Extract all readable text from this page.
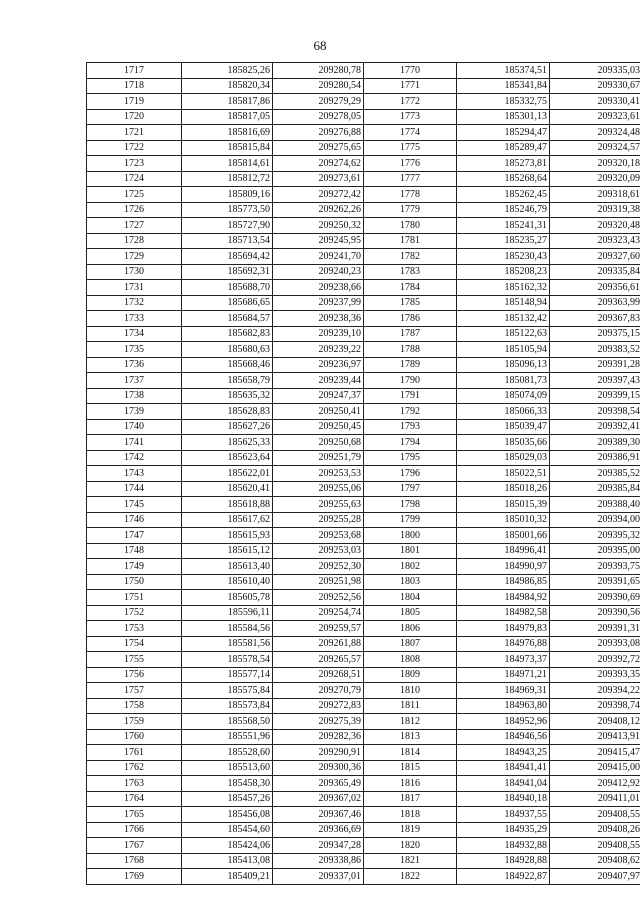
68
1717	185825,26	209280,78	1770	185374,51	209335,03
1718	185820,34	209280,54	1771	185341,84	209330,67
1719	185817,86	209279,29	1772	185332,75	209330,41
1720	185817,05	209278,05	1773	185301,13	209323,61
1721	185816,69	209276,88	1774	185294,47	209324,48
1722	185815,84	209275,65	1775	185289,47	209324,57
1723	185814,61	209274,62	1776	185273,81	209320,18
1724	185812,72	209273,61	1777	185268,64	209320,09
1725	185809,16	209272,42	1778	185262,45	209318,61
1726	185773,50	209262,26	1779	185246,79	209319,38
1727	185727,90	209250,32	1780	185241,31	209320,48
1728	185713,54	209245,95	1781	185235,27	209323,43
1729	185694,42	209241,70	1782	185230,43	209327,60
1730	185692,31	209240,23	1783	185208,23	209335,84
1731	185688,70	209238,66	1784	185162,32	209356,61
1732	185686,65	209237,99	1785	185148,94	209363,99
1733	185684,57	209238,36	1786	185132,42	209367,83
1734	185682,83	209239,10	1787	185122,63	209375,15
1735	185680,63	209239,22	1788	185105,94	209383,52
1736	185668,46	209236,97	1789	185096,13	209391,28
1737	185658,79	209239,44	1790	185081,73	209397,43
1738	185635,32	209247,37	1791	185074,09	209399,15
1739	185628,83	209250,41	1792	185066,33	209398,54
1740	185627,26	209250,45	1793	185039,47	209392,41
1741	185625,33	209250,68	1794	185035,66	209389,30
1742	185623,64	209251,79	1795	185029,03	209386,91
1743	185622,01	209253,53	1796	185022,51	209385,52
1744	185620,41	209255,06	1797	185018,26	209385,84
1745	185618,88	209255,63	1798	185015,39	209388,40
1746	185617,62	209255,28	1799	185010,32	209394,00
1747	185615,93	209253,68	1800	185001,66	209395,32
1748	185615,12	209253,03	1801	184996,41	209395,00
1749	185613,40	209252,30	1802	184990,97	209393,75
1750	185610,40	209251,98	1803	184986,85	209391,65
1751	185605,78	209252,56	1804	184984,92	209390,69
1752	185596,11	209254,74	1805	184982,58	209390,56
1753	185584,56	209259,57	1806	184979,83	209391,31
1754	185581,56	209261,88	1807	184976,88	209393,08
1755	185578,54	209265,57	1808	184973,37	209392,72
1756	185577,14	209268,51	1809	184971,21	209393,35
1757	185575,84	209270,79	1810	184969,31	209394,22
1758	185573,84	209272,83	1811	184963,80	209398,74
1759	185568,50	209275,39	1812	184952,96	209408,12
1760	185551,96	209282,36	1813	184946,56	209413,91
1761	185528,60	209290,91	1814	184943,25	209415,47
1762	185513,60	209300,36	1815	184941,41	209415,00
1763	185458,30	209365,49	1816	184941,04	209412,92
1764	185457,26	209367,02	1817	184940,18	209411,01
1765	185456,08	209367,46	1818	184937,55	209408,55
1766	185454,60	209366,69	1819	184935,29	209408,26
1767	185424,06	209347,28	1820	184932,88	209408,55
1768	185413,08	209338,86	1821	184928,88	209408,62
1769	185409,21	209337,01	1822	184922,87	209407,97
